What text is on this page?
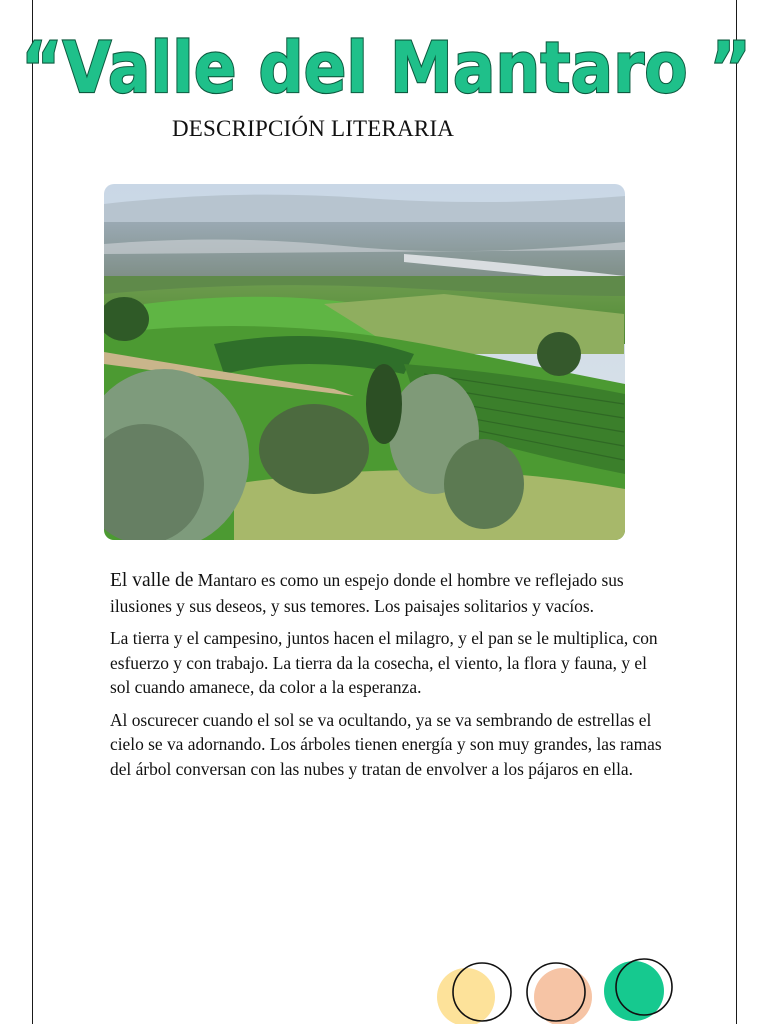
“Valle del Mantaro ”
DESCRIPCIÓN LITERARIA

El valle de Mantaro es como un espejo donde el hombre ve reflejado sus ilusiones y sus deseos, y sus temores. Los paisajes solitarios y vacíos.

La tierra y el campesino, juntos hacen el milagro, y el pan se le multiplica, con esfuerzo y con trabajo. La tierra da la cosecha, el viento, la flora y fauna, y el sol cuando amanece, da color a la esperanza.

Al oscurecer cuando el sol se va ocultando, ya se va sembrando de estrellas el cielo se va adornando. Los árboles tienen energía y son muy grandes, las ramas del árbol conversan con las nubes y tratan de envolver a los pájaros en ella.
